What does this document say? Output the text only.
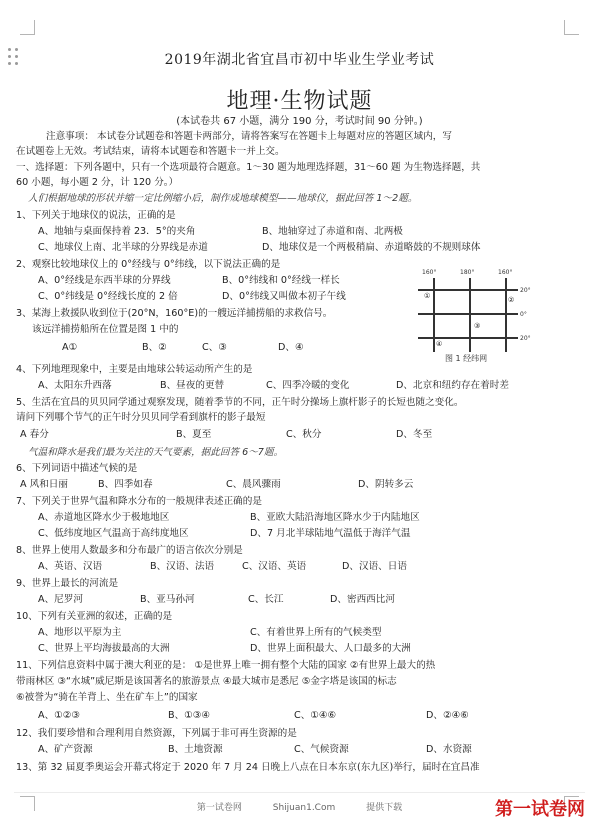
2019年湖北省宜昌市初中毕业生学业考试
地理·生物试题
(本试卷共 67 小题，满分 190 分，考试时间 90 分钟。)
注意事项： 本试卷分试题卷和答题卡两部分，请将答案写在答题卡上每题对应的答题区域内，写
在试题卷上无效。考试结束，请将本试题卷和答题卡一并上交。
一、选择题：下列各题中，只有一个选项最符合题意。1～30 题为地理选择题，31～60 题 为生物选择题，共
60 小题，每小题 2 分，计 120 分。）
人们根据地球的形状并缩一定比例缩小后，制作成地球模型——地球仪，据此回答 1～2题。
1、下列关于地球仪的说法，正确的是
A、地轴与桌面保持着 23．5°的夹角	B、地轴穿过了赤道和南、北两极
C、地球仪上南、北半球的分界线是赤道	D、地球仪是一个两极稍扁、赤道略鼓的不规则球体
2、观察比较地球仪上的 0°经线与 0°纬线，以下说法正确的是
A、0°经线是东西半球的分界线	B、0°纬线和 0°经线一样长
C、0°纬线是 0°经线长度的 2 倍	D、0°纬线又叫做本初子午线
3、某海上救援队收到位于(20°N，160°E)的一艘远洋捕捞船的求救信号。
该远洋捕捞船所在位置是图 1 中的
A①	B、②	C、③	D、④
160°	180°	160°
20°
0°
20°
①	②
③
④
图 1 经纬网
4、下列地理现象中，主要是由地球公转运动所产生的是
A、太阳东升西落	B、昼夜的更替	C、四季冷暖的变化	D、北京和纽约存在着时差
5、生活在宜昌的贝贝同学通过观察发现，随着季节的不同，正午时分操场上旗杆影子的长短也随之变化。
请问下列哪个节气的正午时分贝贝同学看到旗杆的影子最短
A 春分	B、夏至	C、秋分	D、冬至
气温和降水是我们最为关注的天气要素，据此回答 6～7题。
6、下列词语中描述气候的是
A 风和日丽	B、四季如春	C、晨风骤雨	D、阴转多云
7、下列关于世界气温和降水分布的一般规律表述正确的是
A、赤道地区降水少于极地地区	B、亚欧大陆沿海地区降水少于内陆地区
C、低纬度地区气温高于高纬度地区	D、7 月北半球陆地气温低于海洋气温
8、世界上使用人数最多和分布最广的语言依次分别是
A、英语、汉语	B、汉语、法语	C、汉语、英语	D、汉语、日语
9、世界上最长的河流是
A、尼罗河	B、亚马孙河	C、长江	D、密西西比河
10、下列有关亚洲的叙述，正确的是
A、地形以平原为主	C、有着世界上所有的气候类型
C、世界上平均海拔最高的大洲	D、世界上面积最大、人口最多的大洲
11、下列信息资料中属于澳大利亚的是： ①是世界上唯一拥有整个大陆的国家 ②有世界上最大的热
带雨林区 ③“水城”威尼斯是该国著名的旅游景点 ④最大城市是悉尼 ⑤金字塔是该国的标志
⑥被誉为“骑在羊背上、坐在矿车上”的国家
A、①②③	B、①③④	C、①④⑥	D、②④⑥
12、我们要珍惜和合理利用自然资源，下列属于非可再生资源的是
A、矿产资源	B、土地资源	C、气候资源	D、水资源
13、第 32 届夏季奥运会开幕式将定于 2020 年 7 月 24 日晚上八点在日本东京(东九区)举行，届时在宜昌准
第一试卷网	Shijuan1.Com	提供下载	第一试卷网
